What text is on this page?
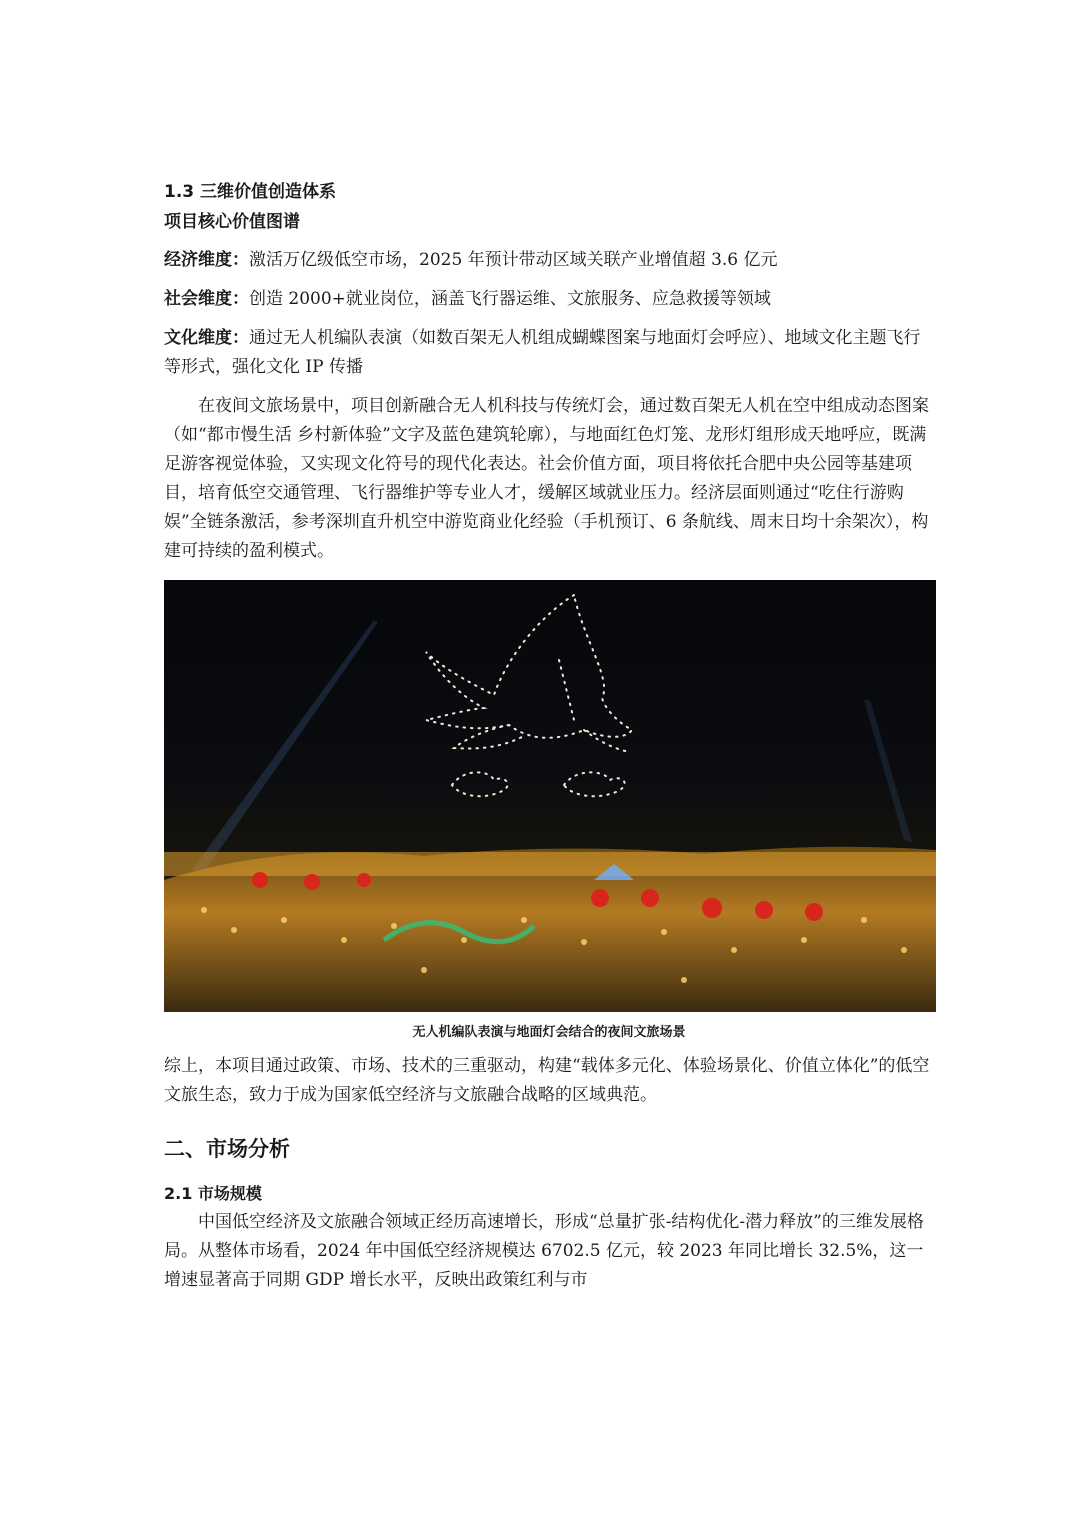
1.3 三维价值创造体系
项目核心价值图谱

经济维度：激活万亿级低空市场，2025 年预计带动区域关联产业增值超 3.6 亿元

社会维度：创造 2000+就业岗位，涵盖飞行器运维、文旅服务、应急救援等领域

文化维度：通过无人机编队表演（如数百架无人机组成蝴蝶图案与地面灯会呼应）、地域文化主题飞行等形式，强化文化 IP 传播

在夜间文旅场景中，项目创新融合无人机科技与传统灯会，通过数百架无人机在空中组成动态图案（如“都市慢生活 乡村新体验”文字及蓝色建筑轮廓），与地面红色灯笼、龙形灯组形成天地呼应，既满足游客视觉体验，又实现文化符号的现代化表达。社会价值方面，项目将依托合肥中央公园等基建项目，培育低空交通管理、飞行器维护等专业人才，缓解区域就业压力。经济层面则通过“吃住行游购娱”全链条激活，参考深圳直升机空中游览商业化经验（手机预订、6 条航线、周末日均十余架次），构建可持续的盈利模式。

无人机编队表演与地面灯会结合的夜间文旅场景

综上，本项目通过政策、市场、技术的三重驱动，构建“载体多元化、体验场景化、价值立体化”的低空文旅生态，致力于成为国家低空经济与文旅融合战略的区域典范。

二、市场分析
2.1 市场规模

中国低空经济及文旅融合领域正经历高速增长，形成“总量扩张-结构优化-潜力释放”的三维发展格局。从整体市场看，2024 年中国低空经济规模达 6702.5 亿元，较 2023 年同比增长 32.5%，这一增速显著高于同期 GDP 增长水平，反映出政策红利与市
